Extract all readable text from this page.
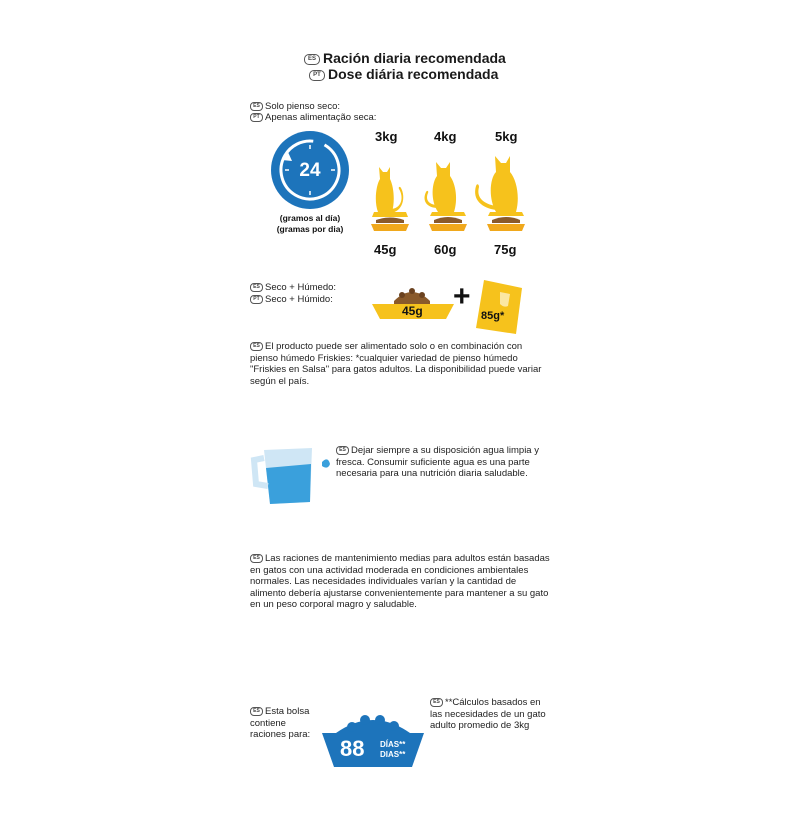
ES Ración diaria recomendada
PT Dose diária recomendada
ES Solo pienso seco:
PT Apenas alimentação seca:
24
(gramos al día)
(gramas por dia)
3kg	4kg	5kg
45g	60g	75g
ES Seco + Húmedo:
PT Seco + Húmido:
45g +
85g*
ES El producto puede ser alimentado solo o en combinación con pienso húmedo Friskies: *cualquier variedad de pienso húmedo "Friskies en Salsa" para gatos adultos. La disponibilidad puede variar según el país.
ES Dejar siempre a su disposición agua limpia y fresca. Consumir suficiente agua es una parte necesaria para una nutrición diaria saludable.
ES Las raciones de mantenimiento medias para adultos están basadas en gatos con una actividad moderada en condiciones ambientales normales. Las necesidades individuales varían y la cantidad de alimento debería ajustarse convenientemente para mantener a su gato en un peso corporal magro y saludable.
ES Esta bolsa contiene raciones para:
88 DÍAS**
DIAS**
ES **Cálculos basados en las necesidades de un gato adulto promedio de 3kg
